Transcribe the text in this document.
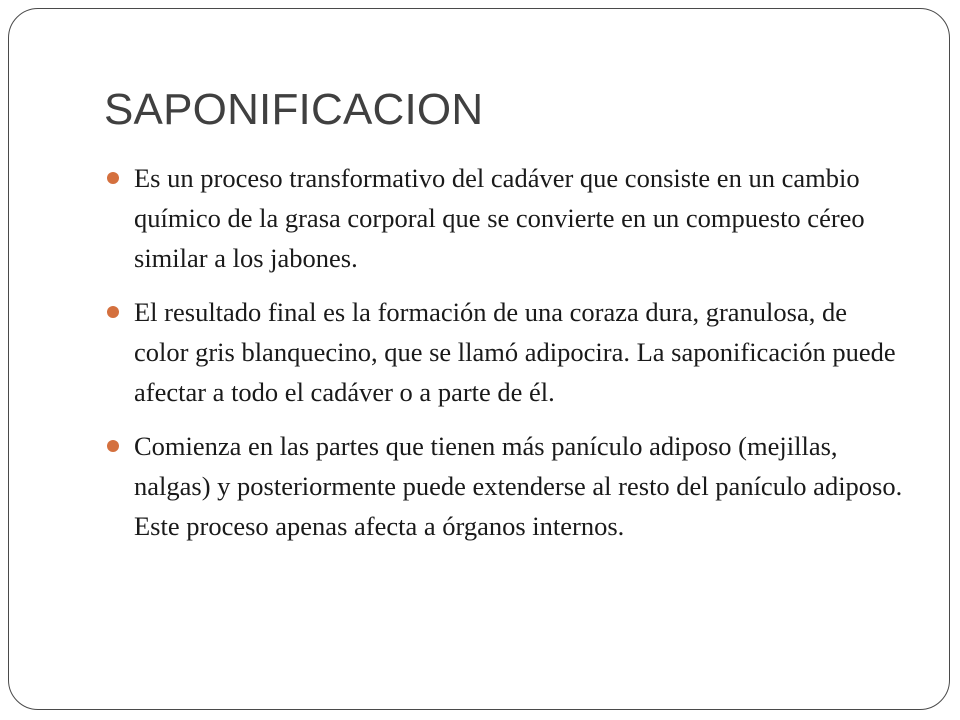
SAPONIFICACION
Es un proceso transformativo del cadáver que consiste en un cambio químico de la grasa corporal que se convierte en un compuesto céreo similar a los jabones.
El resultado final es la formación de una coraza dura, granulosa, de color gris blanquecino, que se llamó adipocira. La saponificación puede afectar a todo el cadáver o a parte de él.
Comienza en las partes que tienen más panículo adiposo (mejillas, nalgas) y posteriormente puede extenderse al resto del panículo adiposo. Este proceso apenas afecta a órganos internos.
